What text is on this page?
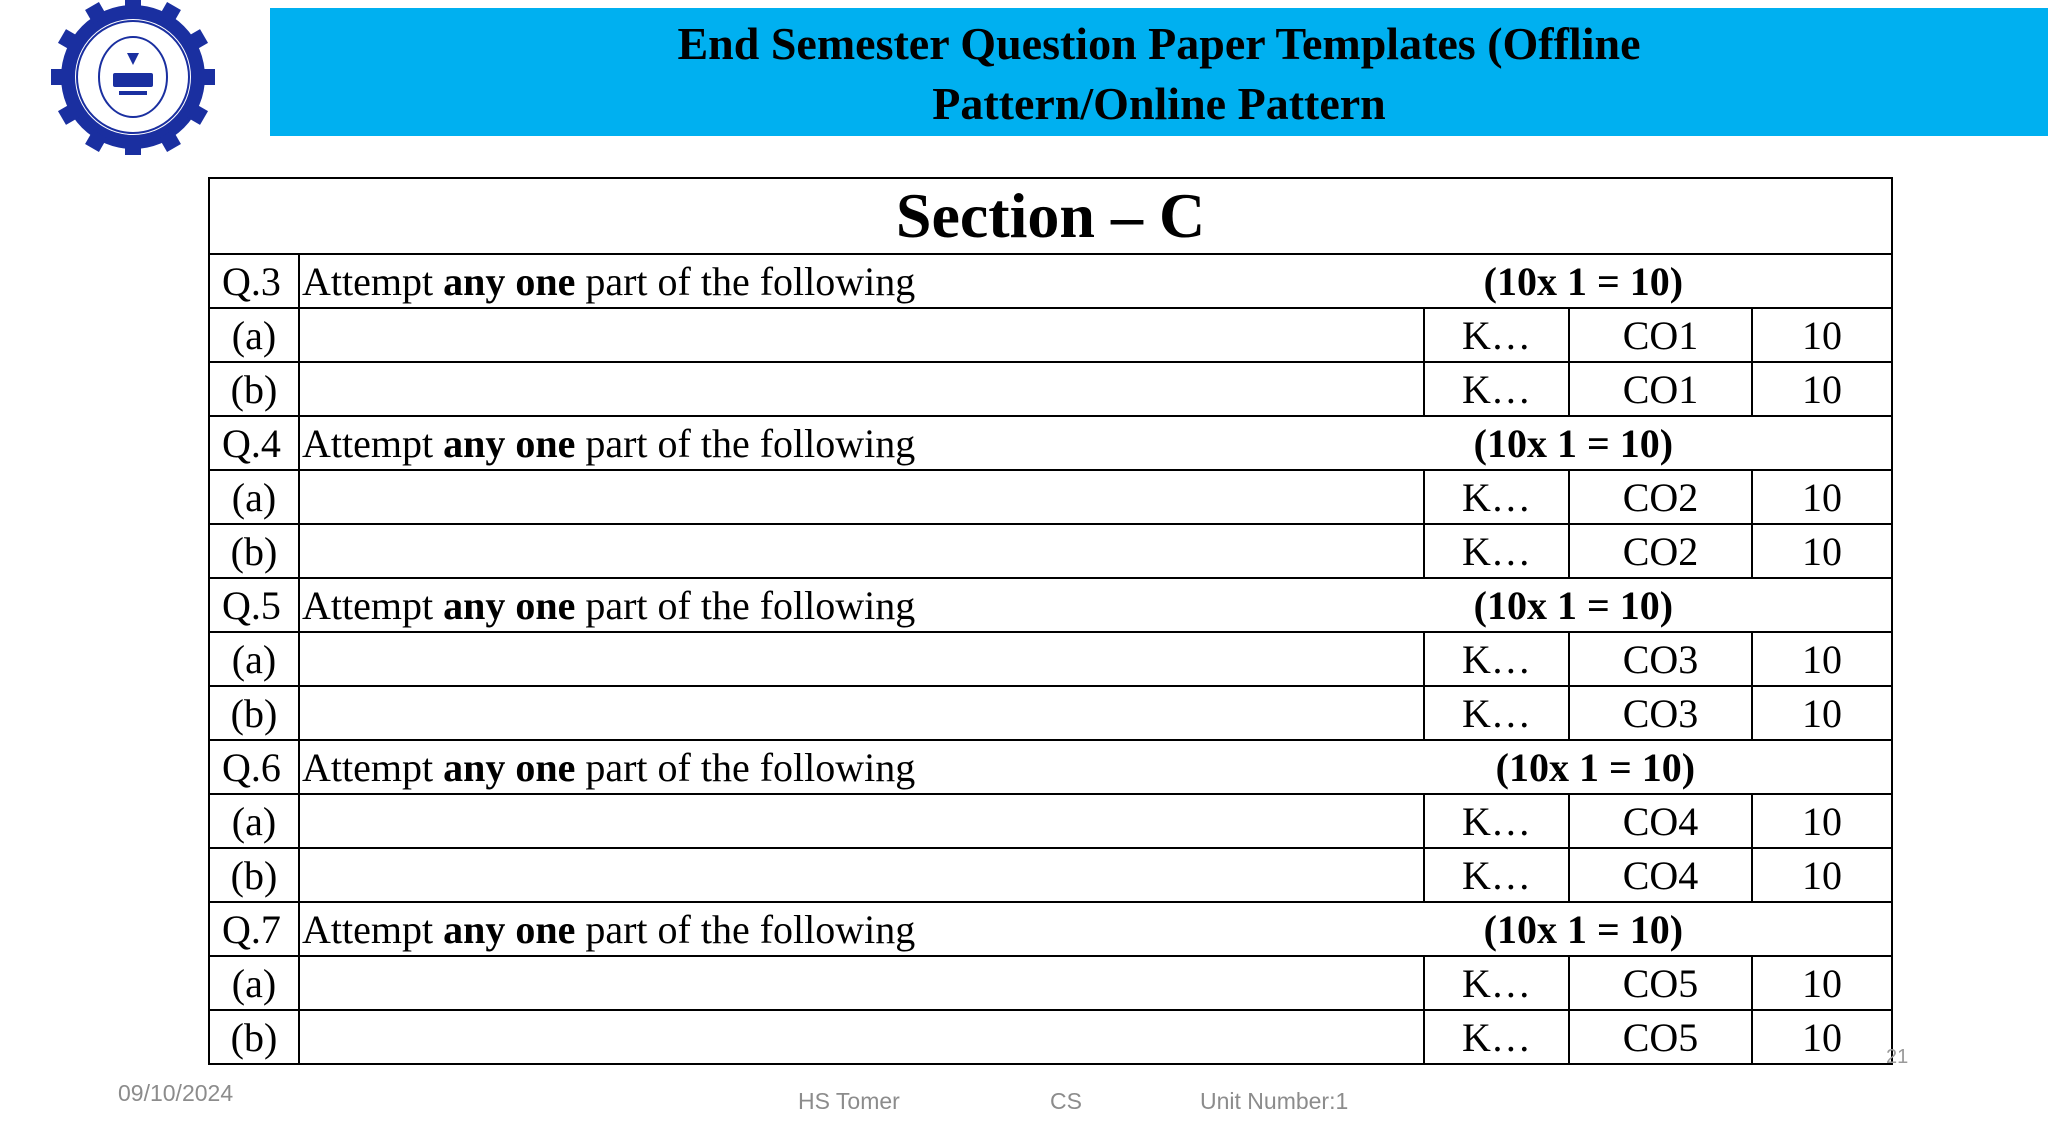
End Semester Question Paper Templates (Offline
Pattern/Online Pattern
Section – C				
Q.3	Attempt any one part of the following (10x 1 = 10)			

(a)		K…	CO1	10
(b)		K…	CO1	10
Q.4	Attempt any one part of the following (10x 1 = 10)			

(a)		K…	CO2	10
(b)		K…	CO2	10
Q.5	Attempt any one part of the following (10x 1 = 10)			

(a)		K…	CO3	10
(b)		K…	CO3	10
Q.6	Attempt any one part of the following (10x 1 = 10)			

(a)		K…	CO4	10
(b)		K…	CO4	10
Q.7	Attempt any one part of the following (10x 1 = 10)			

(a)		K…	CO5	10
(b)		K…	CO5	10 21
09/10/2024	HS Tomer	CS	Unit Number:1
